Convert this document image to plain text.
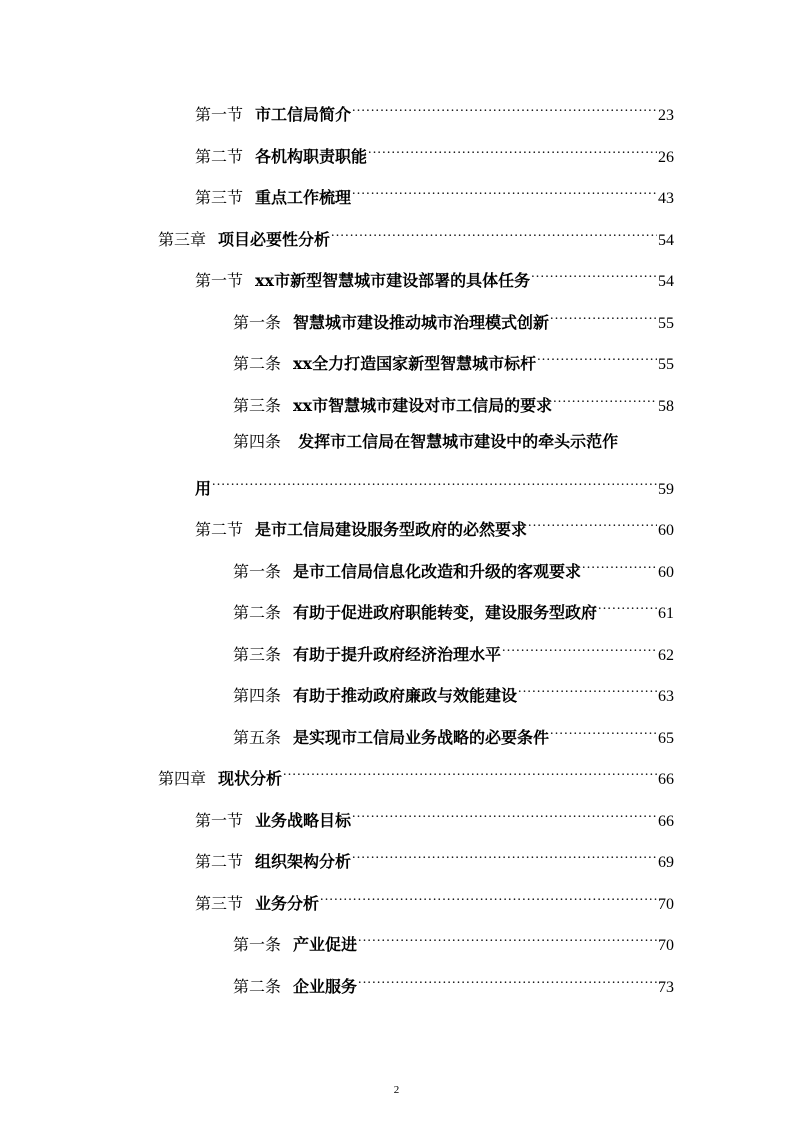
第一节 市工信局简介 .....	23
第二节 各机构职责职能 .....	26
第三节 重点工作梳理 .....	43
第三章 项目必要性分析 .....	54
第一节 xx市新型智慧城市建设部署的具体任务 .....	54
第一条 智慧城市建设推动城市治理模式创新 .....	55
第二条 xx全力打造国家新型智慧城市标杆 .....	55
第三条 xx市智慧城市建设对市工信局的要求 .....	58
第四条 发挥市工信局在智慧城市建设中的牵头示范作
用 .....	59
第二节 是市工信局建设服务型政府的必然要求 .....	60
第一条 是市工信局信息化改造和升级的客观要求 .....	60
第二条 有助于促进政府职能转变，建设服务型政府 .....	61
第三条 有助于提升政府经济治理水平 .....	62
第四条 有助于推动政府廉政与效能建设 .....	63
第五条 是实现市工信局业务战略的必要条件 .....	65
第四章 现状分析 .....	66
第一节 业务战略目标 .....	66
第二节 组织架构分析 .....	69
第三节 业务分析 .....	70
第一条 产业促进 .....	70
第二条 企业服务 .....	73
2
